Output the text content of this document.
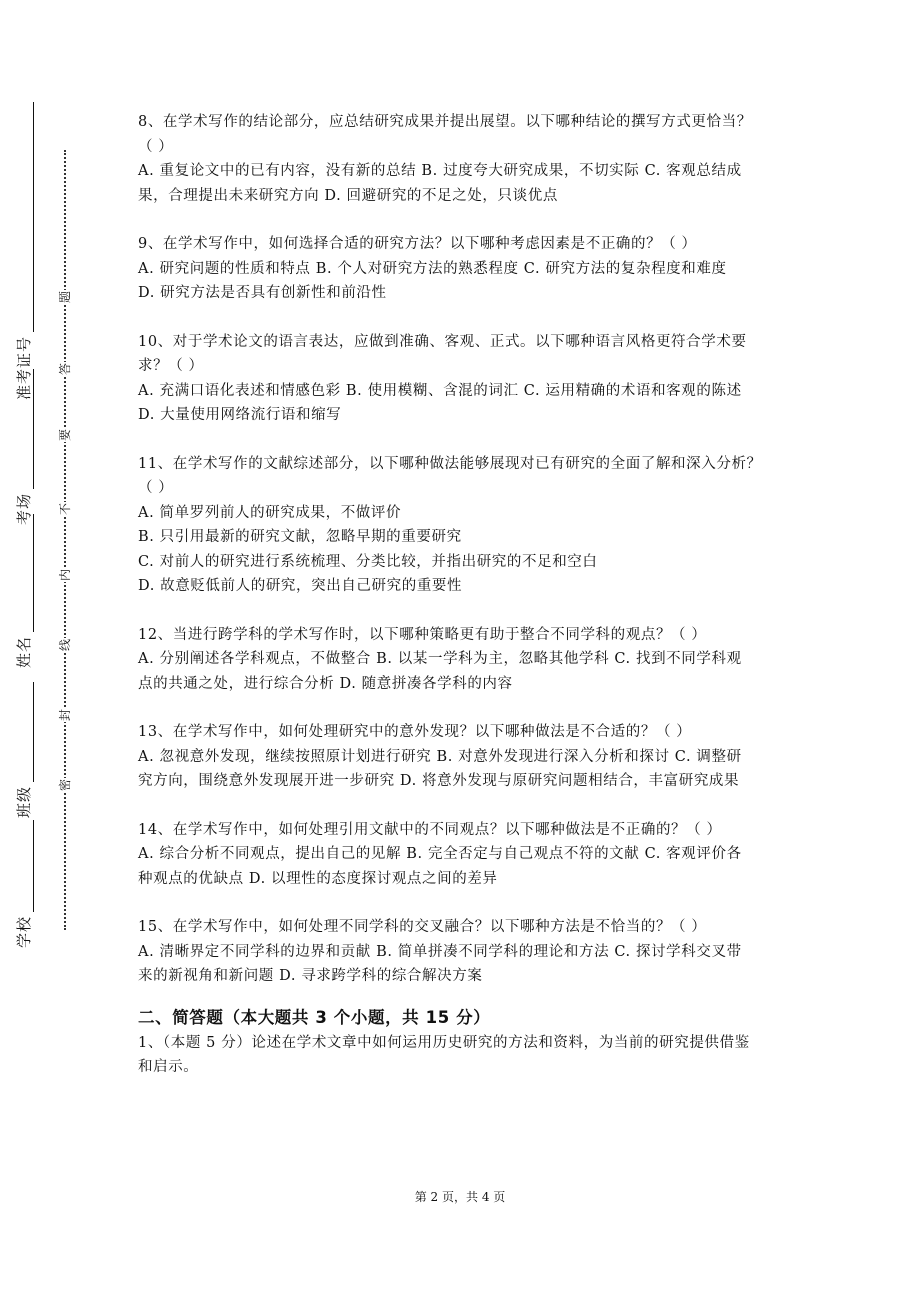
学校
班级
姓名
考场
准考证号
密
封
线
内
不
要
答
题

8、在学术写作的结论部分，应总结研究成果并提出展望。以下哪种结论的撰写方式更恰当？

（ ）

A. 重复论文中的已有内容，没有新的总结 B. 过度夸大研究成果，不切实际 C. 客观总结成

果，合理提出未来研究方向 D. 回避研究的不足之处，只谈优点

9、在学术写作中，如何选择合适的研究方法？以下哪种考虑因素是不正确的？（ ）

A. 研究问题的性质和特点 B. 个人对研究方法的熟悉程度 C. 研究方法的复杂程度和难度

D. 研究方法是否具有创新性和前沿性

10、对于学术论文的语言表达，应做到准确、客观、正式。以下哪种语言风格更符合学术要

求？（ ）

A. 充满口语化表述和情感色彩 B. 使用模糊、含混的词汇 C. 运用精确的术语和客观的陈述

D. 大量使用网络流行语和缩写

11、在学术写作的文献综述部分，以下哪种做法能够展现对已有研究的全面了解和深入分析？

（ ）

A. 简单罗列前人的研究成果，不做评价

B. 只引用最新的研究文献，忽略早期的重要研究

C. 对前人的研究进行系统梳理、分类比较，并指出研究的不足和空白

D. 故意贬低前人的研究，突出自己研究的重要性

12、当进行跨学科的学术写作时，以下哪种策略更有助于整合不同学科的观点？（ ）

A. 分别阐述各学科观点，不做整合 B. 以某一学科为主，忽略其他学科 C. 找到不同学科观

点的共通之处，进行综合分析 D. 随意拼凑各学科的内容

13、在学术写作中，如何处理研究中的意外发现？以下哪种做法是不合适的？（ ）

A. 忽视意外发现，继续按照原计划进行研究 B. 对意外发现进行深入分析和探讨 C. 调整研

究方向，围绕意外发现展开进一步研究 D. 将意外发现与原研究问题相结合，丰富研究成果

14、在学术写作中，如何处理引用文献中的不同观点？以下哪种做法是不正确的？（ ）

A. 综合分析不同观点，提出自己的见解 B. 完全否定与自己观点不符的文献 C. 客观评价各

种观点的优缺点 D. 以理性的态度探讨观点之间的差异

15、在学术写作中，如何处理不同学科的交叉融合？以下哪种方法是不恰当的？（ ）

A. 清晰界定不同学科的边界和贡献 B. 简单拼凑不同学科的理论和方法 C. 探讨学科交叉带

来的新视角和新问题 D. 寻求跨学科的综合解决方案

二、简答题（本大题共 3 个小题，共 15 分）

1、（本题 5 分）论述在学术文章中如何运用历史研究的方法和资料，为当前的研究提供借鉴

和启示。

第 2 页，共 4 页
